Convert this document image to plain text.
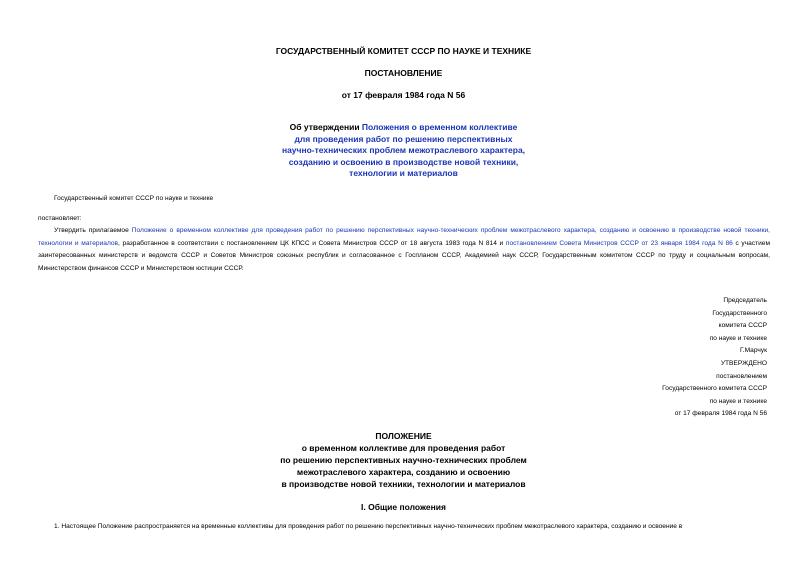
ГОСУДАРСТВЕННЫЙ КОМИТЕТ СССР ПО НАУКЕ И ТЕХНИКЕ
ПОСТАНОВЛЕНИЕ
от 17 февраля 1984 года N 56
Об утверждении Положения о временном коллективе
для проведения работ по решению перспективных
научно-технических проблем межотраслевого характера,
созданию и освоению в производстве новой техники,
технологии и материалов
Государственный комитет СССР по науке и технике
постановляет:
Утвердить прилагаемое Положение о временном коллективе для проведения работ по решению перспективных научно-технических проблем межотраслевого характера, созданию и освоению в производстве новой техники, технологии и материалов, разработанное в соответствии с постановлением ЦК КПСС и Совета Министров СССР от 18 августа 1983 года N 814 и постановлением Совета Министров СССР от 23 января 1984 года N 86 с участием заинтересованных министерств и ведомств СССР и Советов Министров союзных республик и согласованное с Госпланом СССР, Академией наук СССР, Государственным комитетом СССР по труду и социальным вопросам, Министерством финансов СССР и Министерством юстиции СССР.
Председатель
Государственного
комитета СССР
по науке и технике
Г.Марчук
УТВЕРЖДЕНО
постановлением
Государственного комитета СССР
по науке и технике
от 17 февраля 1984 года N 56
ПОЛОЖЕНИЕ
о временном коллективе для проведения работ
по решению перспективных научно-технических проблем
межотраслевого характера, созданию и освоению
в производстве новой техники, технологии и материалов
I. Общие положения
1. Настоящее Положение распространяется на временные коллективы для проведения работ по решению перспективных научно-технических проблем межотраслевого характера, созданию и освоение в
